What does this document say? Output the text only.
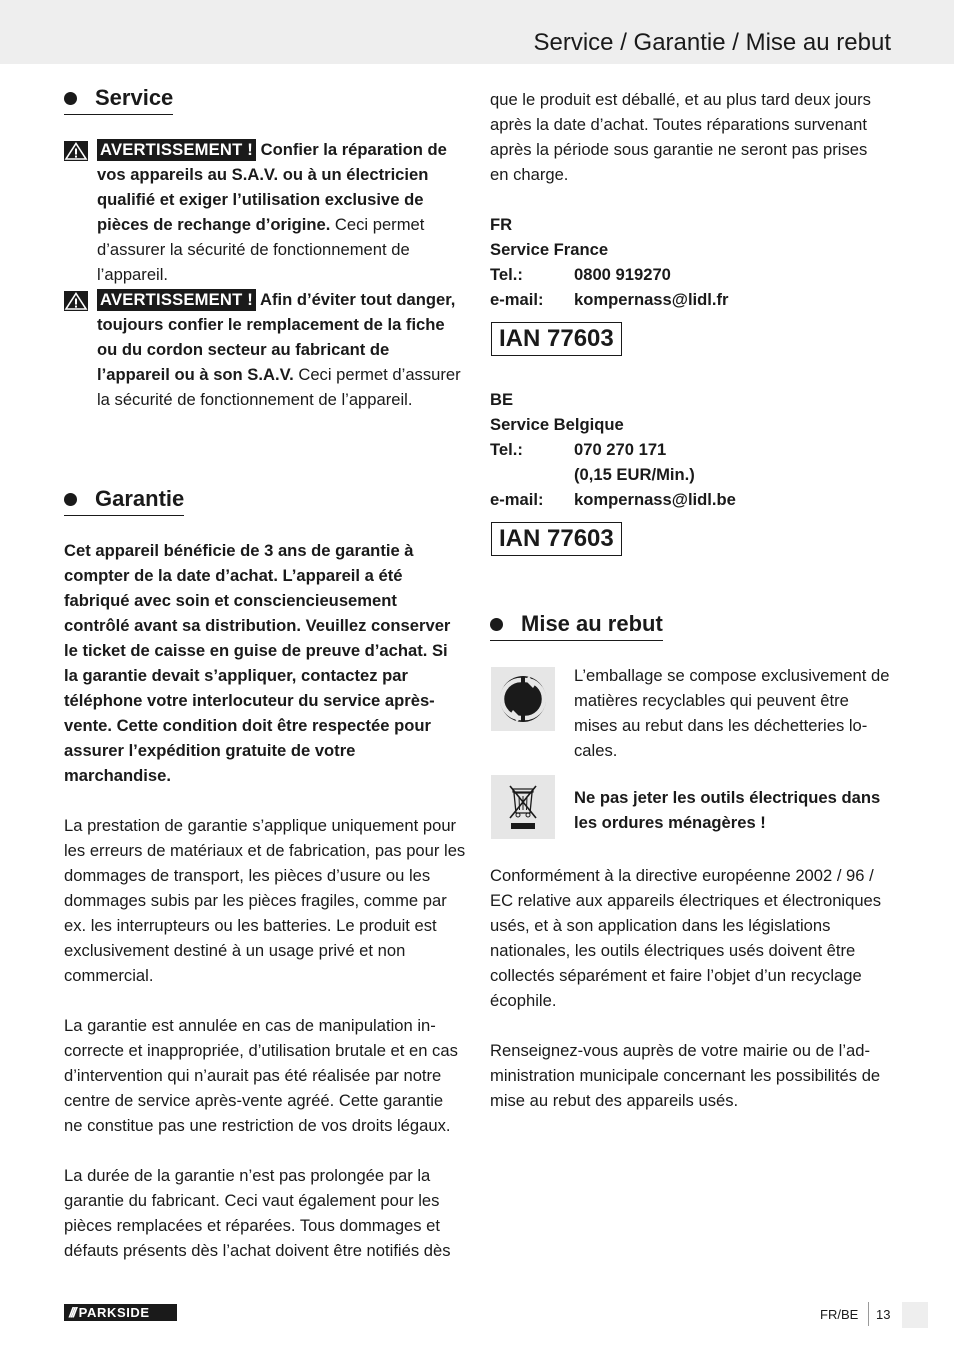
Service / Garantie / Mise au rebut
Service

AVERTISSEMENT ! Confier la réparation de vos appareils au S.A.V. ou à un électricien qualifié et exiger l’utilisation exclusive de pièces de rechange d’origine. Ceci permet d’assurer la sécurité de fonctionnement de l’appareil.

AVERTISSEMENT ! Afin d’éviter tout danger, toujours confier le remplacement de la fiche ou du cordon secteur au fabricant de l’appareil ou à son S.A.V. Ceci permet d’assurer la sécurité de fonctionnement de l’appareil.

Garantie

Cet appareil bénéficie de 3 ans de garantie à compter de la date d’achat. L’appareil a été fabriqué avec soin et consciencieusement contrôlé avant sa distribution. Veuillez conserver le ticket de caisse en guise de preuve d’achat. Si la garantie devait s’appliquer, contactez par téléphone votre interlocuteur du service après-vente. Cette condition doit être respectée pour assurer l’expédition gratuite de votre marchandise.

La prestation de garantie s’applique uniquement pour les erreurs de matériaux et de fabrication, pas pour les dommages de transport, les pièces d’usure ou les dommages subis par les pièces fragiles, comme par ex. les interrupteurs ou les batteries. Le produit est exclusivement destiné à un usage privé et non commercial.

La garantie est annulée en cas de manipulation incorrecte et inappropriée, d’utilisation brutale et en cas d’intervention qui n’aurait pas été réalisée par notre centre de service après-vente agréé. Cette garantie ne constitue pas une restriction de vos droits légaux.

La durée de la garantie n’est pas prolongée par la garantie du fabricant. Ceci vaut également pour les pièces remplacées et réparées. Tous dommages et défauts présents dès l’achat doivent être notifiés dès

que le produit est déballé, et au plus tard deux jours après la date d’achat. Toutes réparations survenant après la période sous garantie ne seront pas prises en charge.

FR
Service France
Tel.:	0800 919270
e-mail:	kompernass@lidl.fr
IAN 77603
BE
Service Belgique
Tel.:	070 270 171
(0,15 EUR/Min.)
e-mail:	kompernass@lidl.be
IAN 77603
Mise au rebut

L’emballage se compose exclusivement de matières recyclables qui peuvent être mises au rebut dans les déchetteries locales.

Ne pas jeter les outils électriques dans les ordures ménagères !

Conformément à la directive européenne 2002 / 96 / EC relative aux appareils électriques et électroniques usés, et à son application dans les législations nationales, les outils électriques usés doivent être collectés séparément et faire l’objet d’un recyclage écophile.

Renseignez-vous auprès de votre mairie ou de l’administration municipale concernant les possibilités de mise au rebut des appareils usés.

/// PARKSIDE	FR/BE 13
